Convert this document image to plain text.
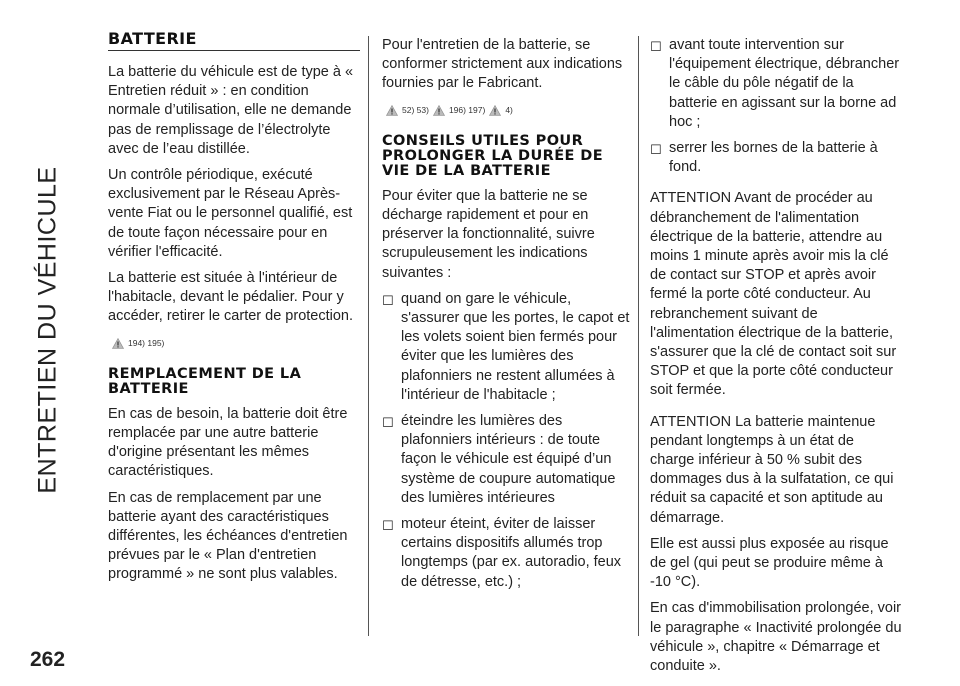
ENTRETIEN DU VÉHICULE
262
BATTERIE

La batterie du véhicule est de type à « Entretien réduit » : en condition normale d’utilisation, elle ne demande pas de remplissage de l’électrolyte avec de l’eau distillée.

Un contrôle périodique, exécuté exclusivement par le Réseau Après-vente Fiat ou le personnel qualifié, est de toute façon nécessaire pour en vérifier l'efficacité.

La batterie est située à l'intérieur de l'habitacle, devant le pédalier. Pour y accéder, retirer le carter de protection.

194) 195)
REMPLACEMENT DE LA BATTERIE

En cas de besoin, la batterie doit être remplacée par une autre batterie d'origine présentant les mêmes caractéristiques.

En cas de remplacement par une batterie ayant des caractéristiques différentes, les échéances d'entretien prévues par le « Plan d'entretien programmé » ne sont plus valables.

Pour l'entretien de la batterie, se conformer strictement aux indications fournies par le Fabricant.

52) 53) 196) 197) 4)
CONSEILS UTILES POUR PROLONGER LA DURÉE DE VIE DE LA BATTERIE

Pour éviter que la batterie ne se décharge rapidement et pour en préserver la fonctionnalité, suivre scrupuleusement les indications suivantes :

☐ quand on gare le véhicule, s'assurer que les portes, le capot et les volets soient bien fermés pour éviter que les lumières des plafonniers ne restent allumées à l'intérieur de l'habitacle ;
☐ éteindre les lumières des plafonniers intérieurs : de toute façon le véhicule est équipé d’un système de coupure automatique des lumières intérieures
☐ moteur éteint, éviter de laisser certains dispositifs allumés trop longtemps (par ex. autoradio, feux de détresse, etc.) ;
☐ avant toute intervention sur l'équipement électrique, débrancher le câble du pôle négatif de la batterie en agissant sur la borne ad hoc ;
☐ serrer les bornes de la batterie à fond.

ATTENTION Avant de procéder au débranchement de l'alimentation électrique de la batterie, attendre au moins 1 minute après avoir mis la clé de contact sur STOP et après avoir fermé la porte côté conducteur. Au rebranchement suivant de l'alimentation électrique de la batterie, s'assurer que la clé de contact soit sur STOP et que la porte côté conducteur soit fermée.

ATTENTION La batterie maintenue pendant longtemps à un état de charge inférieur à 50 % subit des dommages dus à la sulfatation, ce qui réduit sa capacité et son aptitude au démarrage.

Elle est aussi plus exposée au risque de gel (qui peut se produire même à -10 °C).

En cas d'immobilisation prolongée, voir le paragraphe « Inactivité prolongée du véhicule », chapitre « Démarrage et conduite ».
